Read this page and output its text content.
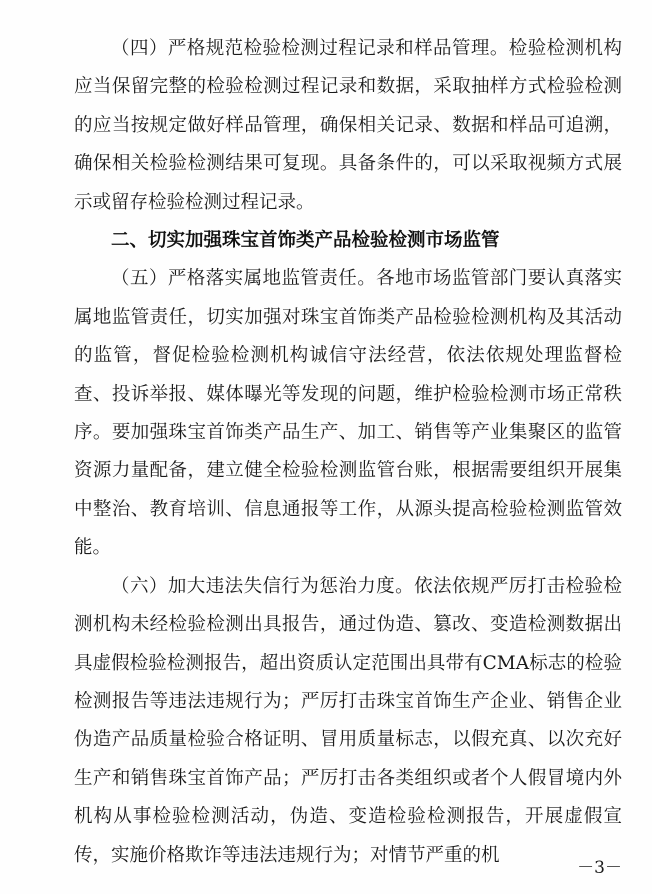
（四）严格规范检验检测过程记录和样品管理。检验检测机构应当保留完整的检验检测过程记录和数据，采取抽样方式检验检测的应当按规定做好样品管理，确保相关记录、数据和样品可追溯，确保相关检验检测结果可复现。具备条件的，可以采取视频方式展示或留存检验检测过程记录。

二、切实加强珠宝首饰类产品检验检测市场监管

（五）严格落实属地监管责任。各地市场监管部门要认真落实属地监管责任，切实加强对珠宝首饰类产品检验检测机构及其活动的监管，督促检验检测机构诚信守法经营，依法依规处理监督检查、投诉举报、媒体曝光等发现的问题，维护检验检测市场正常秩序。要加强珠宝首饰类产品生产、加工、销售等产业集聚区的监管资源力量配备，建立健全检验检测监管台账，根据需要组织开展集中整治、教育培训、信息通报等工作，从源头提高检验检测监管效能。

（六）加大违法失信行为惩治力度。依法依规严厉打击检验检测机构未经检验检测出具报告，通过伪造、篡改、变造检测数据出具虚假检验检测报告，超出资质认定范围出具带有CMA标志的检验检测报告等违法违规行为；严厉打击珠宝首饰生产企业、销售企业伪造产品质量检验合格证明、冒用质量标志，以假充真、以次充好生产和销售珠宝首饰产品；严厉打击各类组织或者个人假冒境内外机构从事检验检测活动，伪造、变造检验检测报告，开展虚假宣传，实施价格欺诈等违法违规行为；对情节严重的机

－3－
